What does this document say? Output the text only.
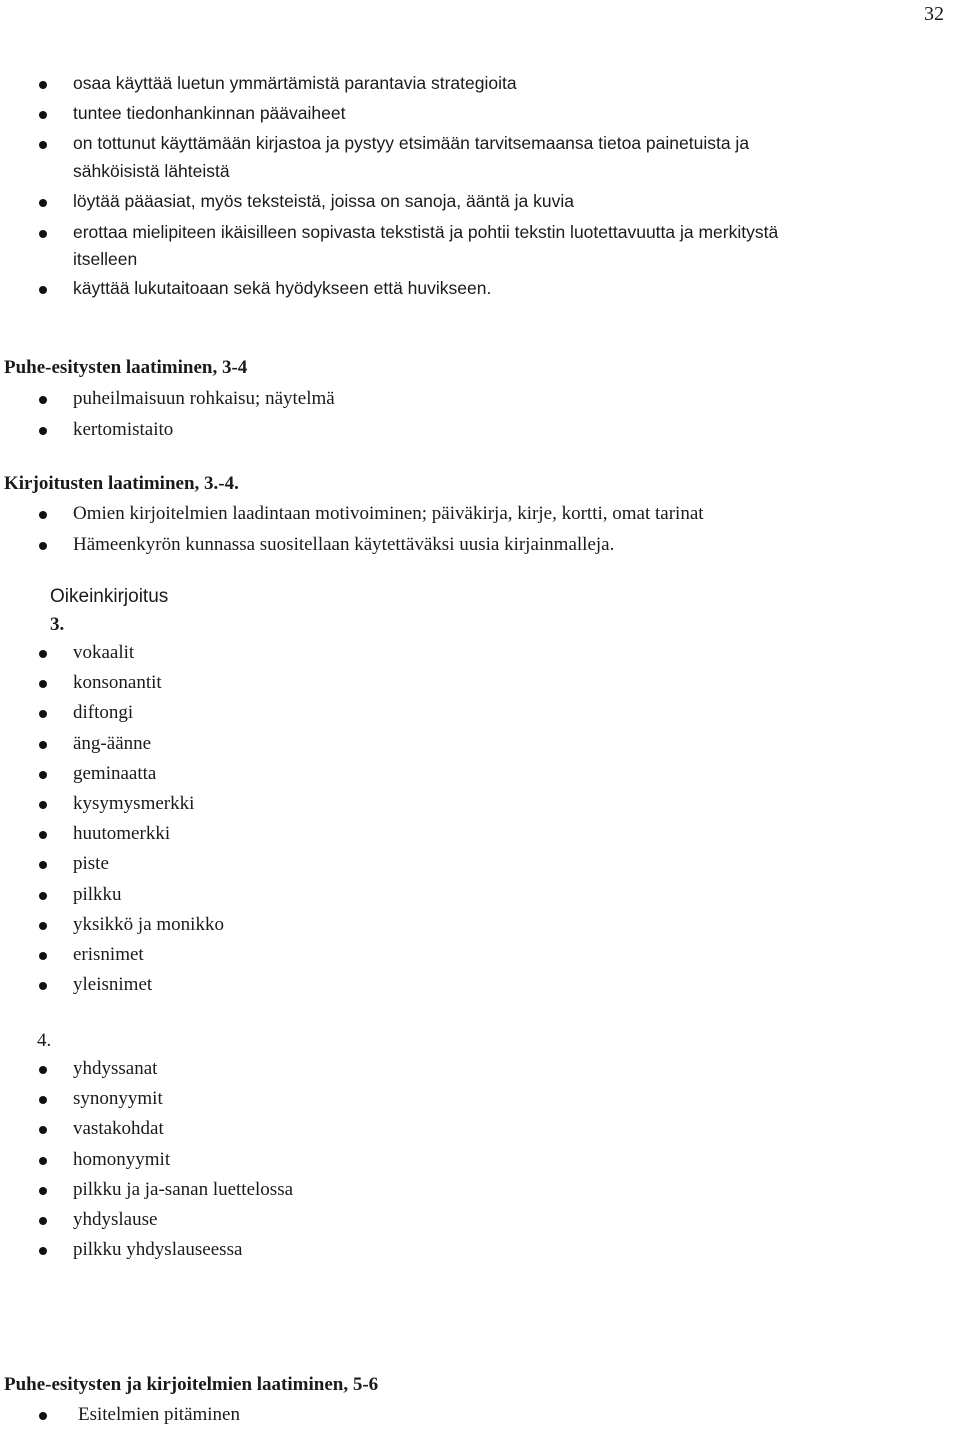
32
osaa käyttää luetun ymmärtämistä parantavia strategioita
tuntee tiedonhankinnan päävaiheet
on tottunut käyttämään kirjastoa ja pystyy etsimään tarvitsemaansa tietoa painetuista ja
sähköisistä lähteistä
löytää pääasiat, myös teksteistä, joissa on sanoja, ääntä ja kuvia
erottaa mielipiteen ikäisilleen sopivasta tekstistä ja pohtii tekstin luotettavuutta ja merkitystä
itselleen
käyttää lukutaitoaan sekä hyödykseen että huvikseen.
Puhe-esitysten laatiminen, 3-4
puheilmaisuun rohkaisu; näytelmä
kertomistaito
Kirjoitusten laatiminen, 3.-4.
Omien kirjoitelmien laadintaan motivoiminen; päiväkirja, kirje, kortti, omat tarinat
Hämeenkyrön kunnassa suositellaan käytettäväksi uusia kirjainmalleja.
Oikeinkirjoitus
3.
vokaalit
konsonantit
diftongi
äng-äänne
geminaatta
kysymysmerkki
huutomerkki
piste
pilkku
yksikkö ja monikko
erisnimet
yleisnimet
4.
yhdyssanat
synonyymit
vastakohdat
homonyymit
pilkku ja ja-sanan luettelossa
yhdyslause
pilkku yhdyslauseessa
Puhe-esitysten ja kirjoitelmien laatiminen, 5-6
Esitelmien pitäminen
